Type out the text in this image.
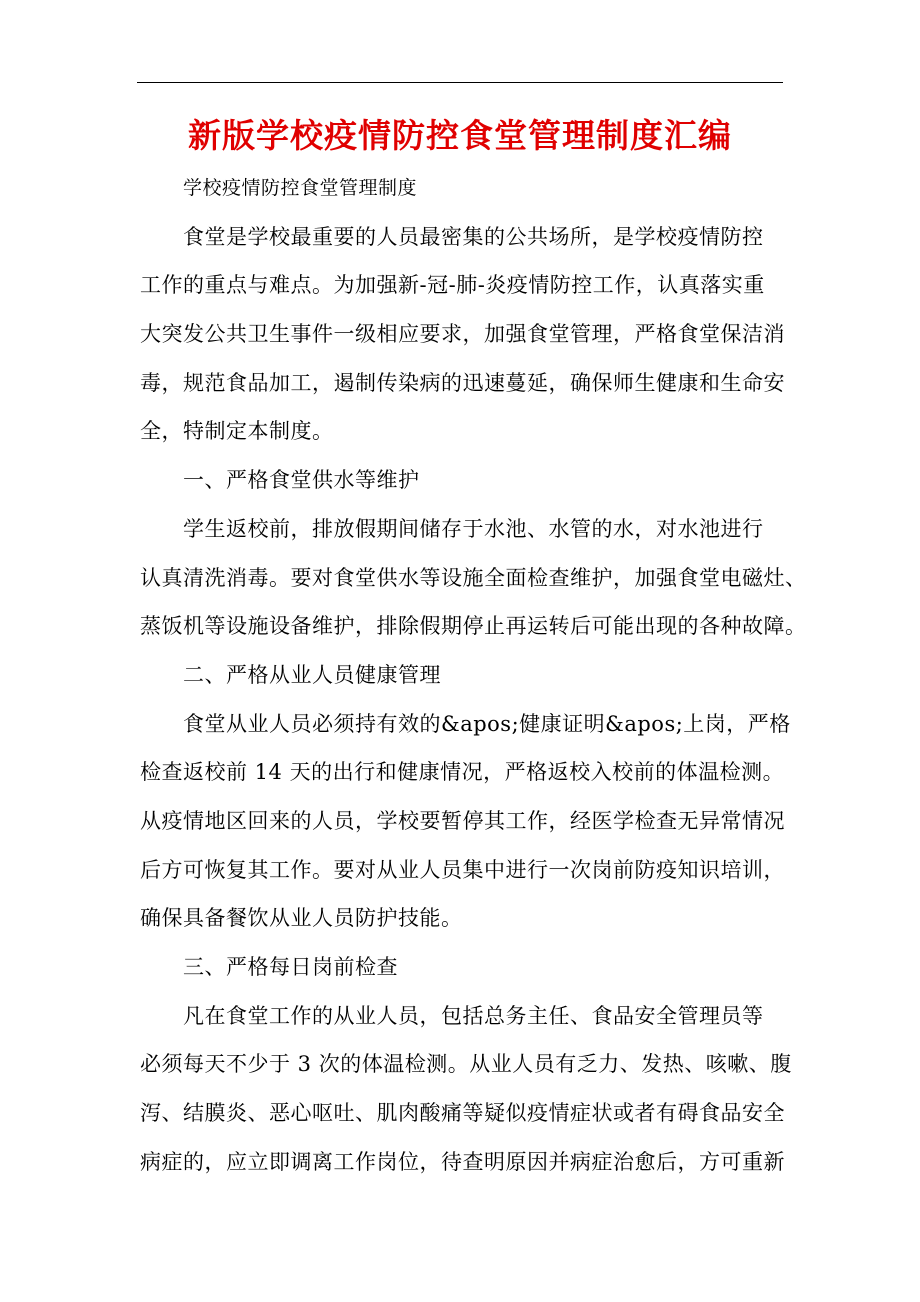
新版学校疫情防控食堂管理制度汇编
学校疫情防控食堂管理制度
食堂是学校最重要的人员最密集的公共场所，是学校疫情防控
工作的重点与难点。为加强新-冠-肺-炎疫情防控工作，认真落实重
大突发公共卫生事件一级相应要求，加强食堂管理，严格食堂保洁消
毒，规范食品加工，遏制传染病的迅速蔓延，确保师生健康和生命安
全，特制定本制度。
一、严格食堂供水等维护
学生返校前，排放假期间储存于水池、水管的水，对水池进行
认真清洗消毒。要对食堂供水等设施全面检查维护，加强食堂电磁灶、
蒸饭机等设施设备维护，排除假期停止再运转后可能出现的各种故障。
二、严格从业人员健康管理
食堂从业人员必须持有效的&apos;健康证明&apos;上岗，严格
检查返校前 14 天的出行和健康情况，严格返校入校前的体温检测。
从疫情地区回来的人员，学校要暂停其工作，经医学检查无异常情况
后方可恢复其工作。要对从业人员集中进行一次岗前防疫知识培训，
确保具备餐饮从业人员防护技能。
三、严格每日岗前检查
凡在食堂工作的从业人员，包括总务主任、食品安全管理员等
必须每天不少于 3 次的体温检测。从业人员有乏力、发热、咳嗽、腹
泻、结膜炎、恶心呕吐、肌肉酸痛等疑似疫情症状或者有碍食品安全
病症的，应立即调离工作岗位，待查明原因并病症治愈后，方可重新
